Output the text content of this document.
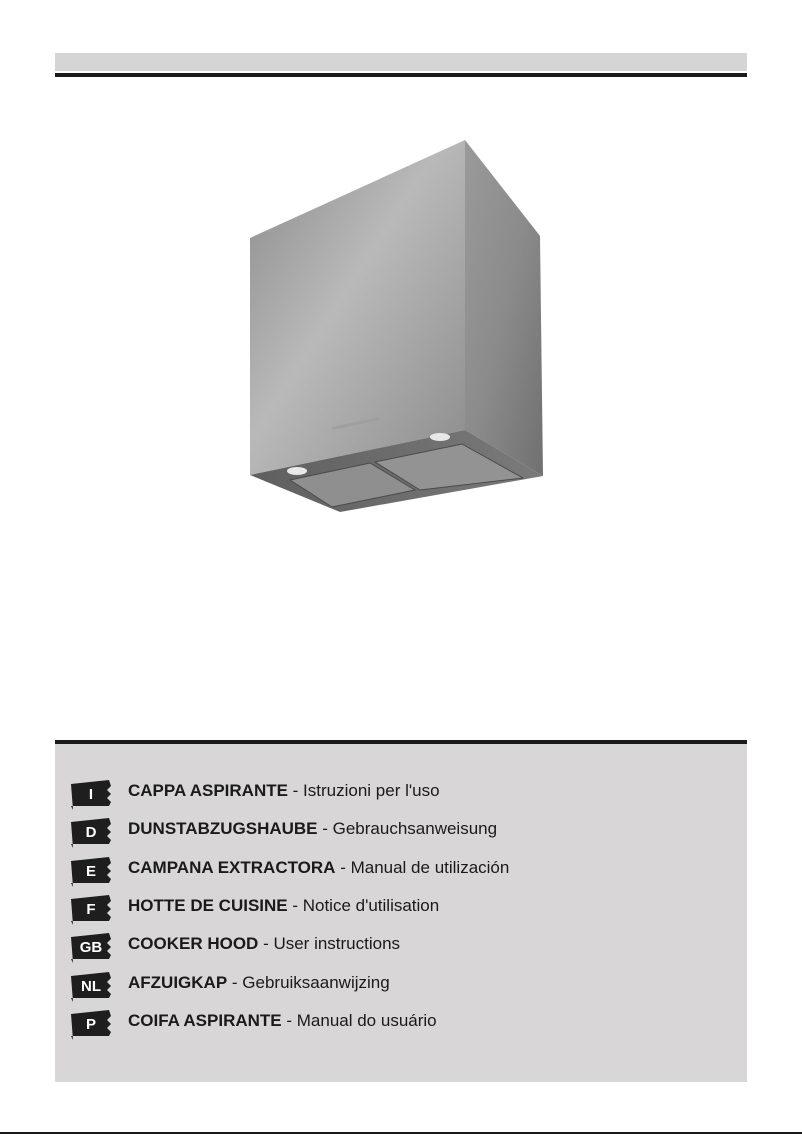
I	CAPPA ASPIRANTE - Istruzioni per l'uso
D	DUNSTABZUGSHAUBE - Gebrauchsanweisung
E	CAMPANA EXTRACTORA - Manual de utilización
F	HOTTE DE CUISINE - Notice d'utilisation
GB	COOKER HOOD - User instructions
NL	AFZUIGKAP - Gebruiksaanwijzing
P	COIFA ASPIRANTE - Manual do usuário
